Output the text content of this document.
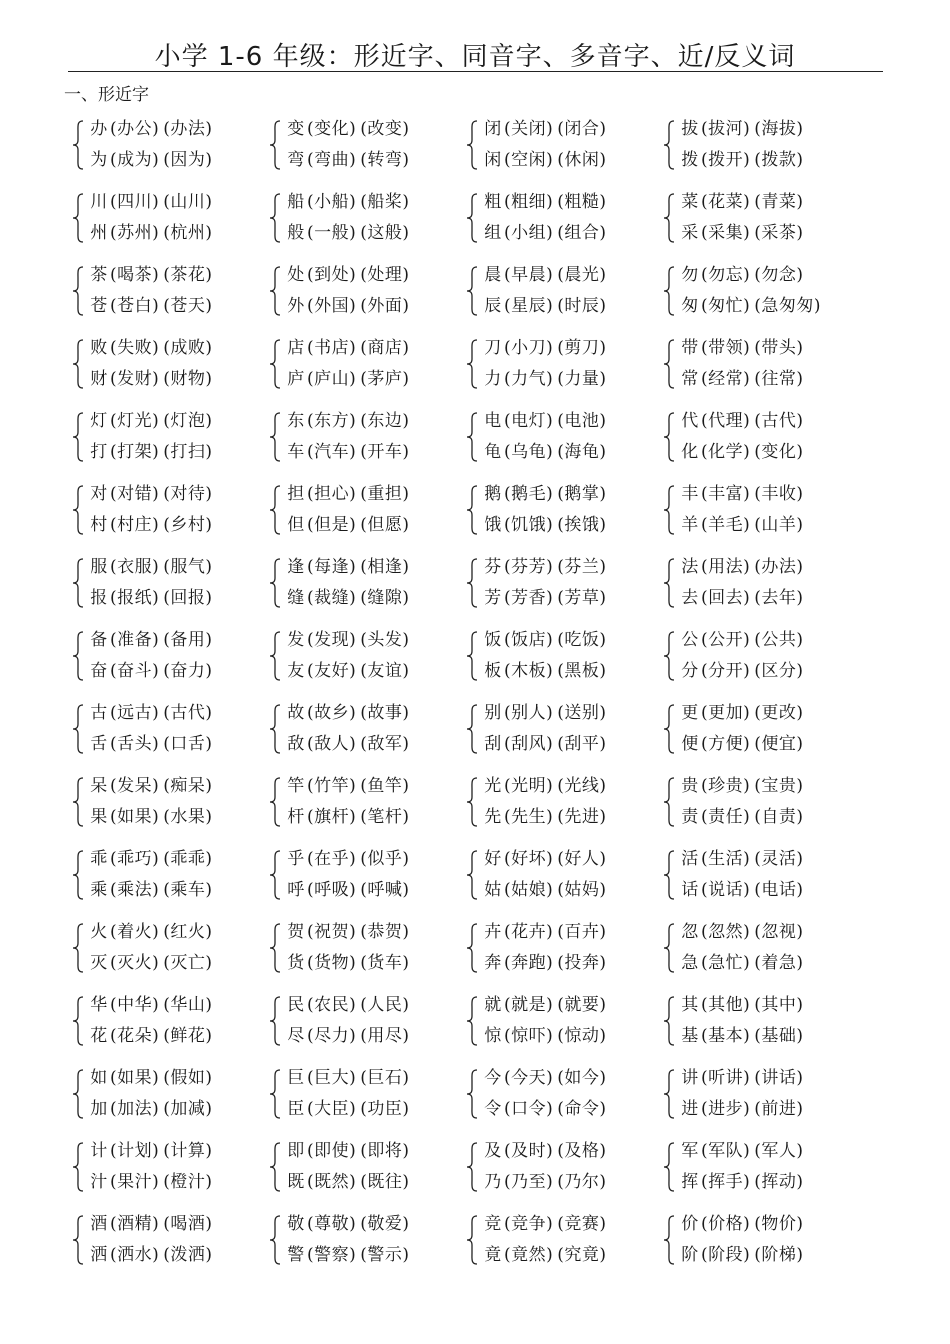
小学 1-6 年级：形近字、同音字、多音字、近/反义词
一、形近字
办 (办公) (办法)
为 (成为) (因为)
变 (变化) (改变)
弯 (弯曲) (转弯)
闭 (关闭) (闭合)
闲 (空闲) (休闲)
拔 (拔河) (海拔)
拨 (拨开) (拨款)
川 (四川) (山川)
州 (苏州) (杭州)
船 (小船) (船桨)
般 (一般) (这般)
粗 (粗细) (粗糙)
组 (小组) (组合)
菜 (花菜) (青菜)
采 (采集) (采茶)
茶 (喝茶) (茶花)
苍 (苍白) (苍天)
处 (到处) (处理)
外 (外国) (外面)
晨 (早晨) (晨光)
辰 (星辰) (时辰)
勿 (勿忘) (勿念)
匆 (匆忙) (急匆匆)
败 (失败) (成败)
财 (发财) (财物)
店 (书店) (商店)
庐 (庐山) (茅庐)
刀 (小刀) (剪刀)
力 (力气) (力量)
带 (带领) (带头)
常 (经常) (往常)
灯 (灯光) (灯泡)
打 (打架) (打扫)
东 (东方) (东边)
车 (汽车) (开车)
电 (电灯) (电池)
龟 (乌龟) (海龟)
代 (代理) (古代)
化 (化学) (变化)
对 (对错) (对待)
村 (村庄) (乡村)
担 (担心) (重担)
但 (但是) (但愿)
鹅 (鹅毛) (鹅掌)
饿 (饥饿) (挨饿)
丰 (丰富) (丰收)
羊 (羊毛) (山羊)
服 (衣服) (服气)
报 (报纸) (回报)
逢 (每逢) (相逢)
缝 (裁缝) (缝隙)
芬 (芬芳) (芬兰)
芳 (芳香) (芳草)
法 (用法) (办法)
去 (回去) (去年)
备 (准备) (备用)
奋 (奋斗) (奋力)
发 (发现) (头发)
友 (友好) (友谊)
饭 (饭店) (吃饭)
板 (木板) (黑板)
公 (公开) (公共)
分 (分开) (区分)
古 (远古) (古代)
舌 (舌头) (口舌)
故 (故乡) (故事)
敌 (敌人) (敌军)
别 (别人) (送别)
刮 (刮风) (刮平)
更 (更加) (更改)
便 (方便) (便宜)
呆 (发呆) (痴呆)
果 (如果) (水果)
竿 (竹竿) (鱼竿)
杆 (旗杆) (笔杆)
光 (光明) (光线)
先 (先生) (先进)
贵 (珍贵) (宝贵)
责 (责任) (自责)
乖 (乖巧) (乖乖)
乘 (乘法) (乘车)
乎 (在乎) (似乎)
呼 (呼吸) (呼喊)
好 (好坏) (好人)
姑 (姑娘) (姑妈)
活 (生活) (灵活)
话 (说话) (电话)
火 (着火) (红火)
灭 (灭火) (灭亡)
贺 (祝贺) (恭贺)
货 (货物) (货车)
卉 (花卉) (百卉)
奔 (奔跑) (投奔)
忽 (忽然) (忽视)
急 (急忙) (着急)
华 (中华) (华山)
花 (花朵) (鲜花)
民 (农民) (人民)
尽 (尽力) (用尽)
就 (就是) (就要)
惊 (惊吓) (惊动)
其 (其他) (其中)
基 (基本) (基础)
如 (如果) (假如)
加 (加法) (加减)
巨 (巨大) (巨石)
臣 (大臣) (功臣)
今 (今天) (如今)
令 (口令) (命令)
讲 (听讲) (讲话)
进 (进步) (前进)
计 (计划) (计算)
汁 (果汁) (橙汁)
即 (即使) (即将)
既 (既然) (既往)
及 (及时) (及格)
乃 (乃至) (乃尔)
军 (军队) (军人)
挥 (挥手) (挥动)
酒 (酒精) (喝酒)
洒 (洒水) (泼洒)
敬 (尊敬) (敬爱)
警 (警察) (警示)
竞 (竞争) (竞赛)
竟 (竟然) (究竟)
价 (价格) (物价)
阶 (阶段) (阶梯)
